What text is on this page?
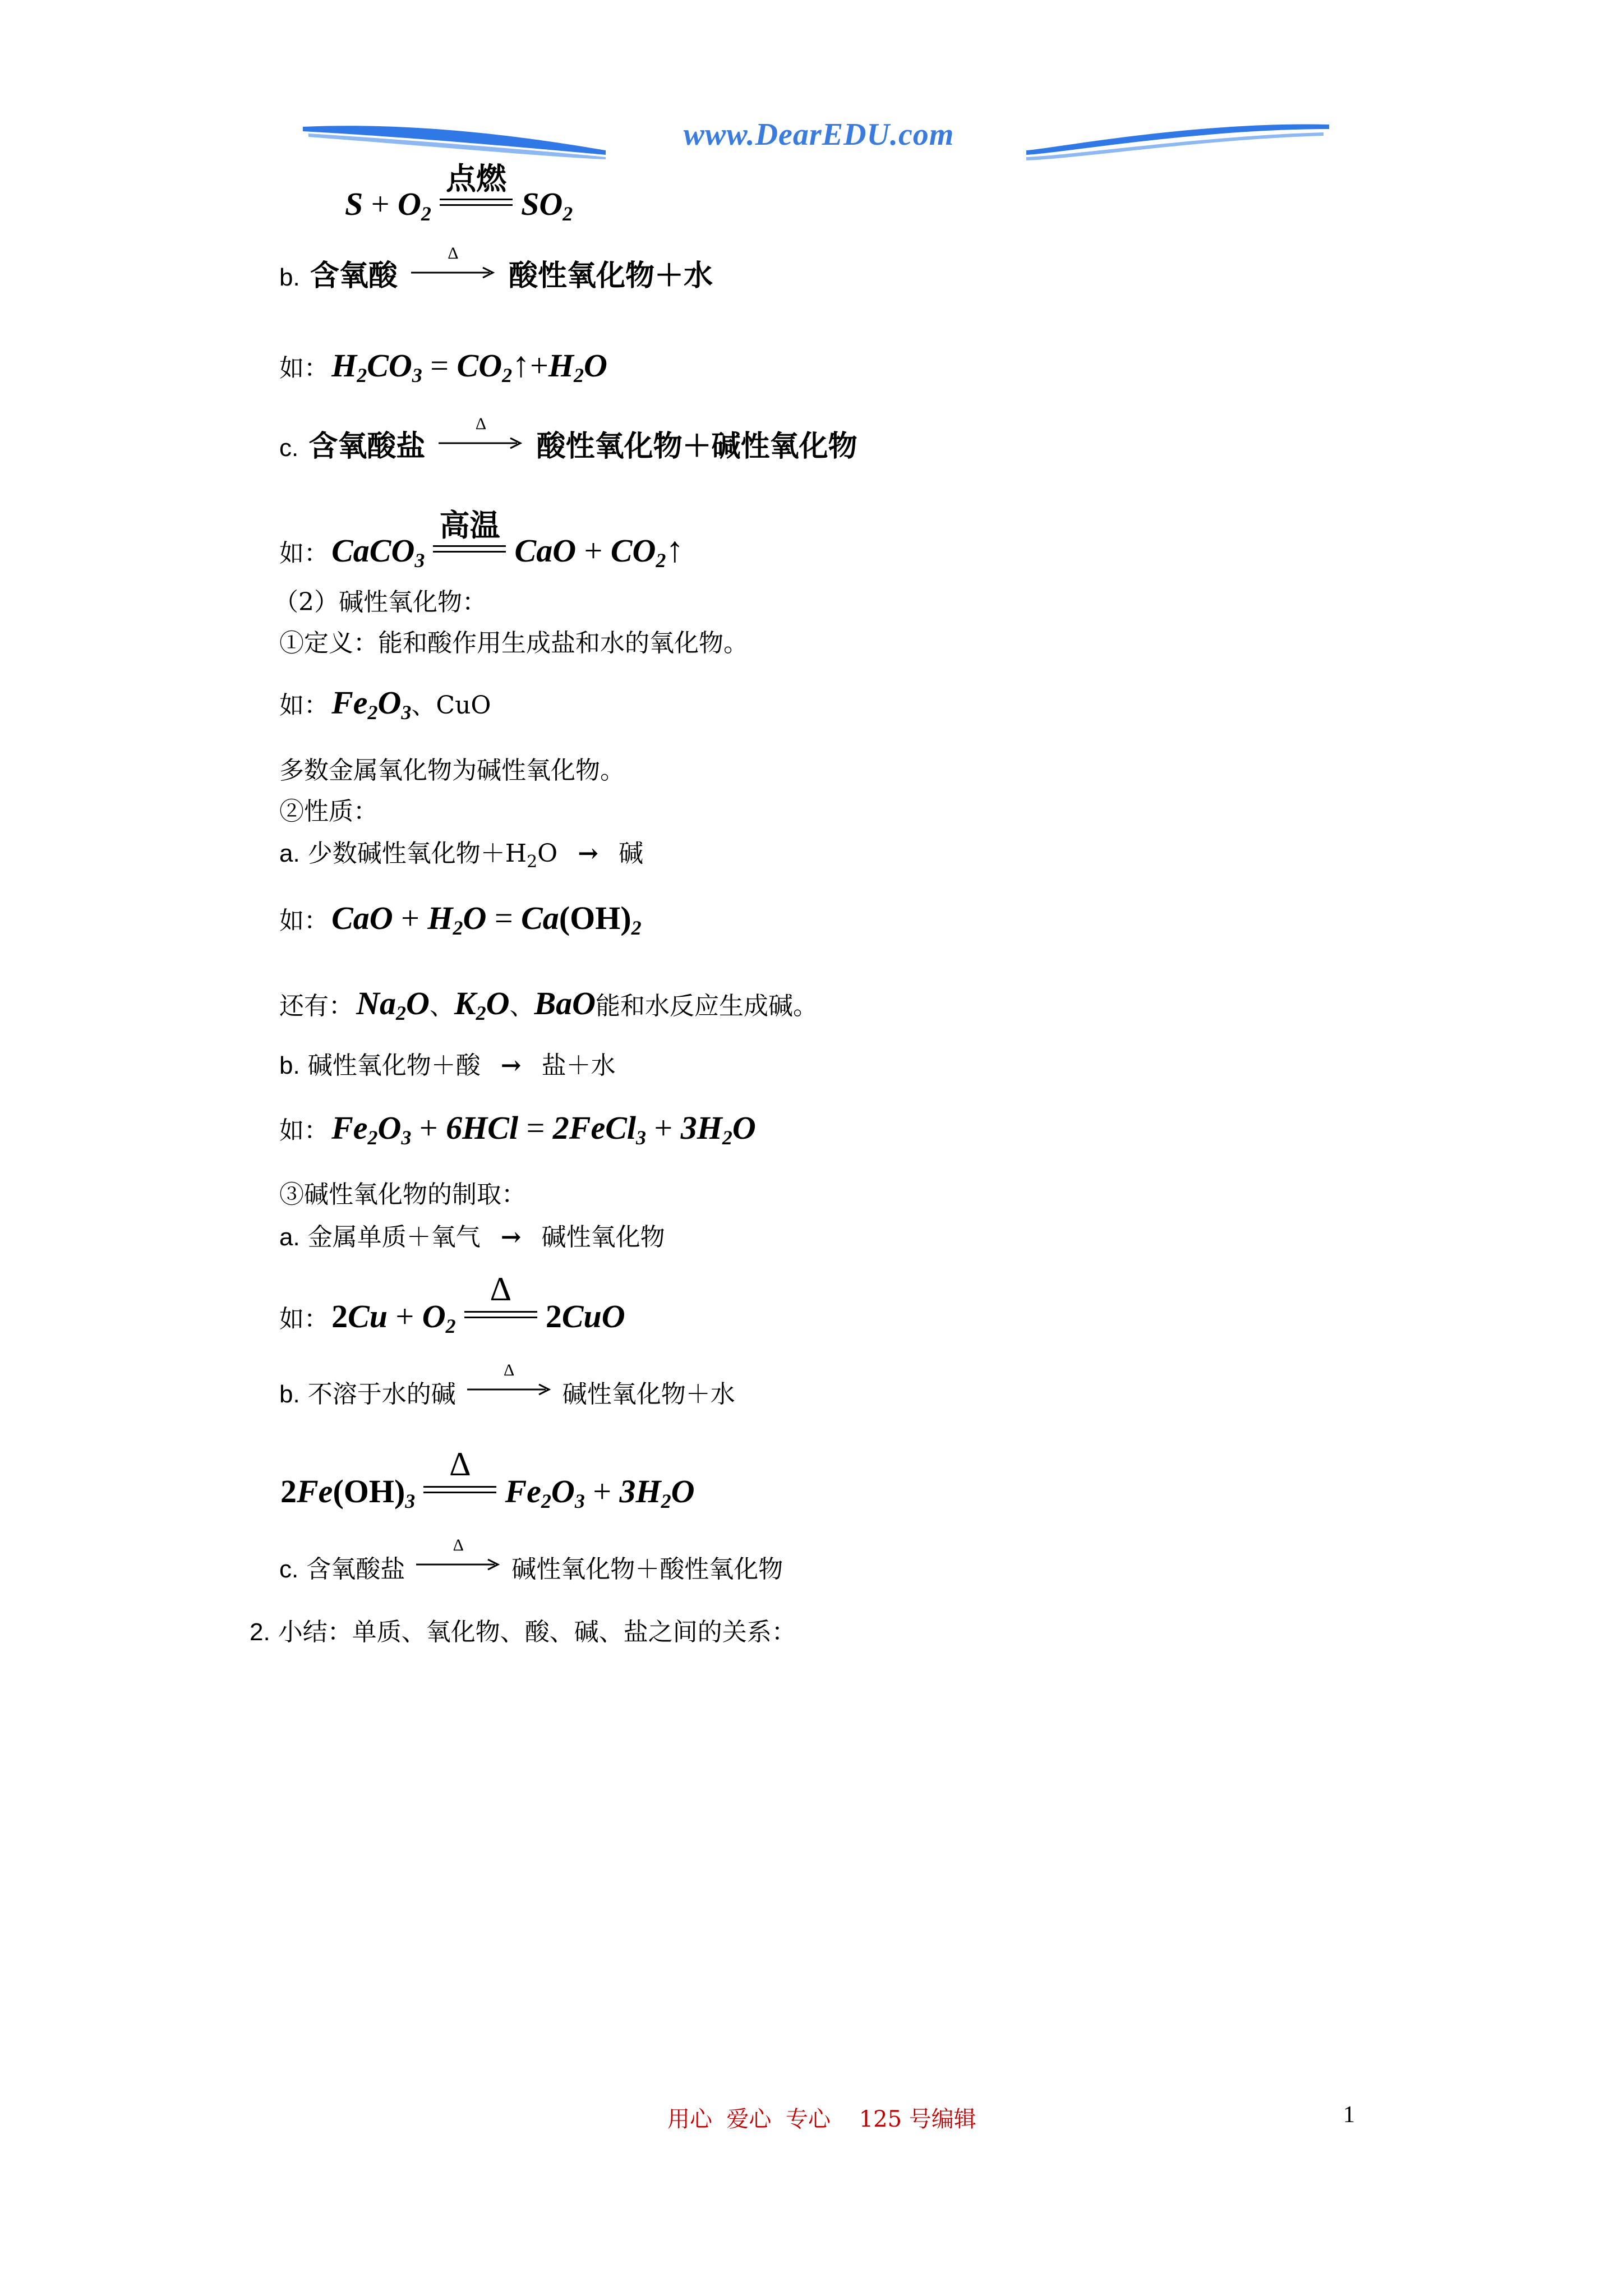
www.DearEDU.com
$S + O_2$
点燃
$SO_2$
b. 含氧酸
Δ
酸性氧化物＋水
如： $H_2CO_3$ = $CO_2↑+H_2O$
c. 含氧酸盐
Δ
酸性氧化物＋碱性氧化物
如： CaCO$_3$
高温
CaO + $CO_2↑$
（2）碱性氧化物：
①定义：能和酸作用生成盐和水的氧化物。
如： $Fe_2O_3$、CuO
多数金属氧化物为碱性氧化物。
②性质：
a. 少数碱性氧化物$+H_2O$ → 碱
如： CaO + $H_2O = Ca(OH)_2$
还有： $Na_2O$、$K_2O$、BaO能和水反应生成碱。
b. 碱性氧化物＋酸 → 盐＋水
如： $Fe_2O_3 + 6HCl$ = 2FeCl$_3$ + $3H_2O$
③碱性氧化物的制取：
a. 金属单质＋氧气 → 碱性氧化物
如： $2Cu + O_2$
Δ
2CuO
b. 不溶于水的碱
Δ
碱性氧化物＋水
$2Fe(OH)_3$
Δ
$Fe_2O_3 + 3H_2O$
c. 含氧酸盐
Δ
碱性氧化物＋酸性氧化物
2. 小结：单质、氧化物、酸、碱、盐之间的关系：
用心  爱心  专心    125 号编辑	1
